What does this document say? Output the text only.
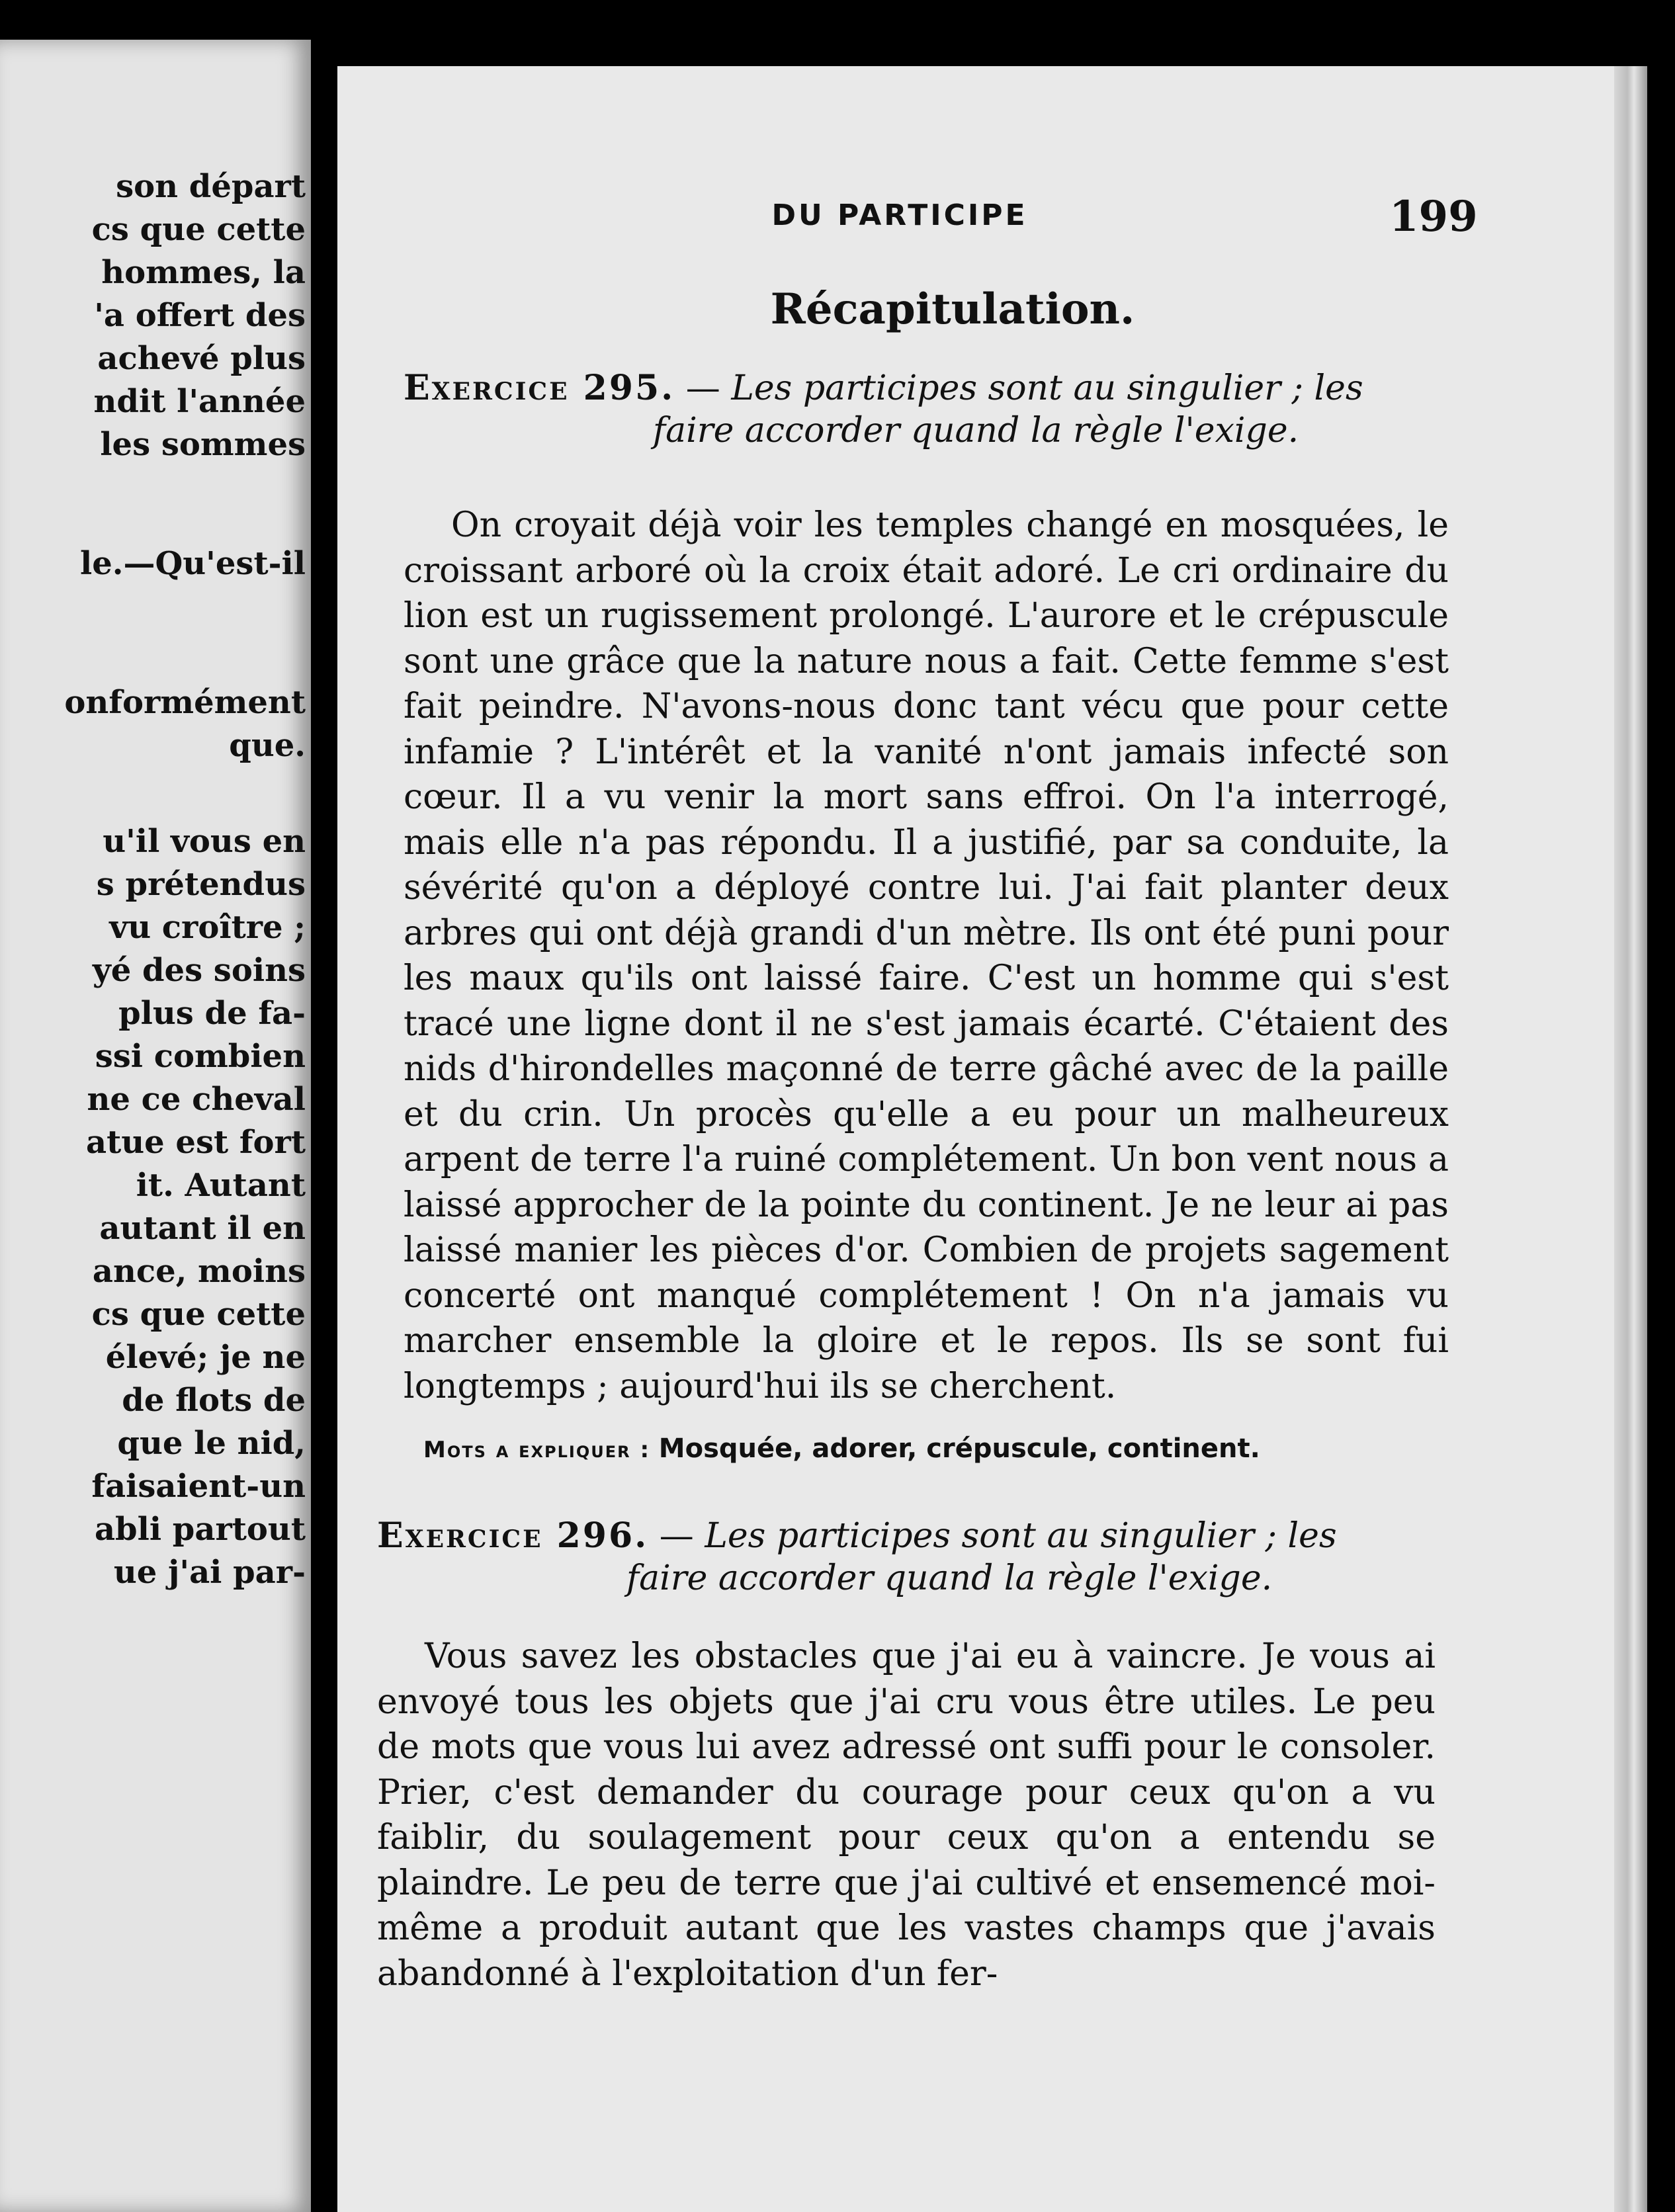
son départ
cs que cette
hommes, la
'a offert des
achevé plus
ndit l'année
les sommes
le.—Qu'est-il
onformément
que.
u'il vous en
s prétendus
vu croître ;
yé des soins
plus de fa-
ssi combien
ne ce cheval
atue est fort
it. Autant
autant il en
ance, moins
cs que cette
élevé; je ne
de flots de
que le nid,
faisaient-un
abli partout
ue j'ai par-
DU PARTICIPE	199
Récapitulation.
Exercice 295. — Les participes sont au singulier ; les
faire accorder quand la règle l'exige.

On croyait déjà voir les temples changé en mosquées, le croissant arboré où la croix était adoré. Le cri ordinaire du lion est un rugissement prolongé. L'aurore et le crépuscule sont une grâce que la nature nous a fait. Cette femme s'est fait peindre. N'avons-nous donc tant vécu que pour cette infamie ? L'intérêt et la vanité n'ont jamais infecté son cœur. Il a vu venir la mort sans effroi. On l'a interrogé, mais elle n'a pas répondu. Il a justifié, par sa conduite, la sévérité qu'on a déployé contre lui. J'ai fait planter deux arbres qui ont déjà grandi d'un mètre. Ils ont été puni pour les maux qu'ils ont laissé faire. C'est un homme qui s'est tracé une ligne dont il ne s'est jamais écarté. C'étaient des nids d'hirondelles maçonné de terre gâché avec de la paille et du crin. Un procès qu'elle a eu pour un malheureux arpent de terre l'a ruiné complétement. Un bon vent nous a laissé approcher de la pointe du continent. Je ne leur ai pas laissé manier les pièces d'or. Combien de projets sagement concerté ont manqué complétement ! On n'a jamais vu marcher ensemble la gloire et le repos. Ils se sont fui longtemps ; aujourd'hui ils se cherchent.

Mots a expliquer : Mosquée, adorer, crépuscule, continent.
Exercice 296. — Les participes sont au singulier ; les
faire accorder quand la règle l'exige.

Vous savez les obstacles que j'ai eu à vaincre. Je vous ai envoyé tous les objets que j'ai cru vous être utiles. Le peu de mots que vous lui avez adressé ont suffi pour le consoler. Prier, c'est demander du courage pour ceux qu'on a vu faiblir, du soulagement pour ceux qu'on a entendu se plaindre. Le peu de terre que j'ai cultivé et ensemencé moi-même a produit autant que les vastes champs que j'avais abandonné à l'exploitation d'un fer-
